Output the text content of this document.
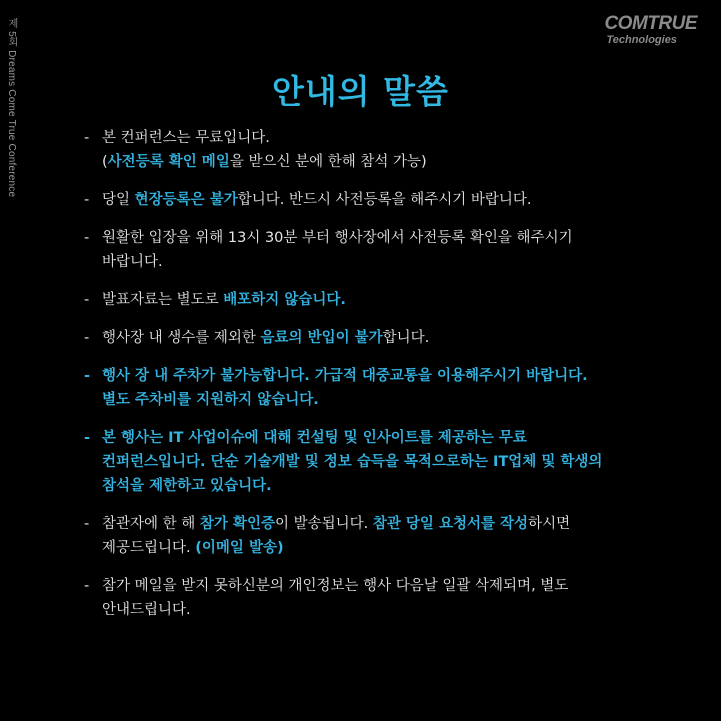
제 5회 Dreams Come True Conference	COMTRUE
Technologies
안내의 말씀
- 본 컨퍼런스는 무료입니다.
(사전등록 확인 메일을 받으신 분에 한해 참석 가능)
- 당일 현장등록은 불가합니다. 반드시 사전등록을 해주시기 바랍니다.
- 원활한 입장을 위해 13시 30분 부터 행사장에서 사전등록 확인을 해주시기
바랍니다.
- 발표자료는 별도로 배포하지 않습니다.
- 행사장 내 생수를 제외한 음료의 반입이 불가합니다.
- 행사 장 내 주차가 불가능합니다. 가급적 대중교통을 이용해주시기 바랍니다.
별도 주차비를 지원하지 않습니다.
- 본 행사는 IT 사업이슈에 대해 컨설팅 및 인사이트를 제공하는 무료
컨퍼런스입니다. 단순 기술개발 및 정보 습득을 목적으로하는 IT업체 및 학생의
참석을 제한하고 있습니다.
- 참관자에 한 해 참가 확인증이 발송됩니다. 참관 당일 요청서를 작성하시면
제공드립니다. (이메일 발송)
- 참가 메일을 받지 못하신분의 개인정보는 행사 다음날 일괄 삭제되며, 별도
안내드립니다.
